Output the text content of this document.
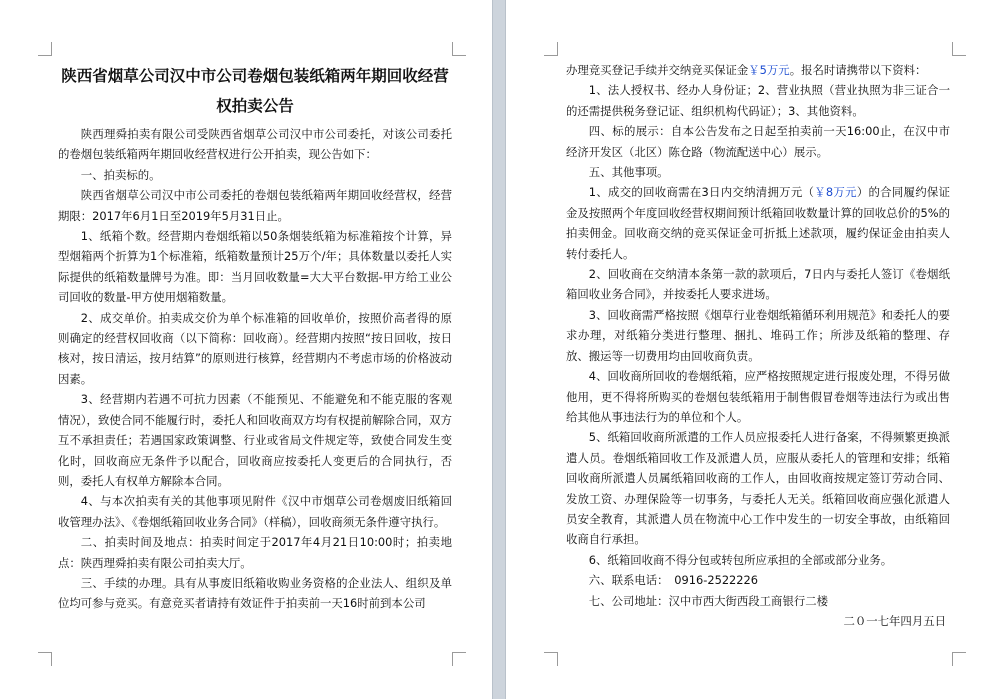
陕西省烟草公司汉中市公司卷烟包装纸箱两年期回收经营权拍卖公告

陕西理舜拍卖有限公司受陕西省烟草公司汉中市公司委托，对该公司委托的卷烟包装纸箱两年期回收经营权进行公开拍卖，现公告如下：

一、拍卖标的。

陕西省烟草公司汉中市公司委托的卷烟包装纸箱两年期回收经营权，经营期限：2017年6月1日至2019年5月31日止。

1、纸箱个数。经营期内卷烟纸箱以50条烟装纸箱为标准箱按个计算，异型烟箱两个折算为1个标准箱，纸箱数量预计25万个/年；具体数量以委托人实际提供的纸箱数量牌号为准。即：当月回收数量=大大平台数据-甲方给工业公司回收的数量-甲方使用烟箱数量。

2、成交单价。拍卖成交价为单个标准箱的回收单价，按照价高者得的原则确定的经营权回收商（以下简称：回收商）。经营期内按照“按日回收，按日核对，按日清运，按月结算”的原则进行核算，经营期内不考虑市场的价格波动因素。

3、经营期内若遇不可抗力因素（不能预见、不能避免和不能克服的客观情况），致使合同不能履行时，委托人和回收商双方均有权提前解除合同，双方互不承担责任；若遇国家政策调整、行业或省局文件规定等，致使合同发生变化时，回收商应无条件予以配合，回收商应按委托人变更后的合同执行，否则，委托人有权单方解除本合同。

4、与本次拍卖有关的其他事项见附件《汉中市烟草公司卷烟废旧纸箱回收管理办法》、《卷烟纸箱回收业务合同》（样稿），回收商须无条件遵守执行。

二、拍卖时间及地点：拍卖时间定于2017年4月21日10:00时；拍卖地点：陕西理舜拍卖有限公司拍卖大厅。

三、手续的办理。具有从事废旧纸箱收购业务资格的企业法人、组织及单位均可参与竞买。有意竞买者请持有效证件于拍卖前一天16时前到本公司

办理竞买登记手续并交纳竞买保证金￥5万元。报名时请携带以下资料：

1、法人授权书、经办人身份证；2、营业执照（营业执照为非三证合一的还需提供税务登记证、组织机构代码证）；3、其他资料。

四、标的展示：自本公告发布之日起至拍卖前一天16:00止，在汉中市经济开发区（北区）陈仓路（物流配送中心）展示。

五、其他事项。

1、成交的回收商需在3日内交纳清拥万元（￥8万元）的合同履约保证金及按照两个年度回收经营权期间预计纸箱回收数量计算的回收总价的5%的拍卖佣金。回收商交纳的竞买保证金可折抵上述款项，履约保证金由拍卖人转付委托人。

2、回收商在交纳清本条第一款的款项后，7日内与委托人签订《卷烟纸箱回收业务合同》，并按委托人要求进场。

3、回收商需严格按照《烟草行业卷烟纸箱循环利用规范》和委托人的要求办理，对纸箱分类进行整理、捆扎、堆码工作；所涉及纸箱的整理、存放、搬运等一切费用均由回收商负责。

4、回收商所回收的卷烟纸箱，应严格按照规定进行报废处理，不得另做他用，更不得将所购买的卷烟包装纸箱用于制售假冒卷烟等违法行为或出售给其他从事违法行为的单位和个人。

5、纸箱回收商所派遣的工作人员应报委托人进行备案，不得频繁更换派遣人员。卷烟纸箱回收工作及派遣人员，应服从委托人的管理和安排；纸箱回收商所派遣人员属纸箱回收商的工作人，由回收商按规定签订劳动合同、发放工资、办理保险等一切事务，与委托人无关。纸箱回收商应强化派遣人员安全教育，其派遣人员在物流中心工作中发生的一切安全事故，由纸箱回收商自行承担。

6、纸箱回收商不得分包或转包所应承担的全部或部分业务。

六、联系电话：　0916-2522226

七、公司地址：汉中市西大街西段工商银行二楼

二０一七年四月五日
